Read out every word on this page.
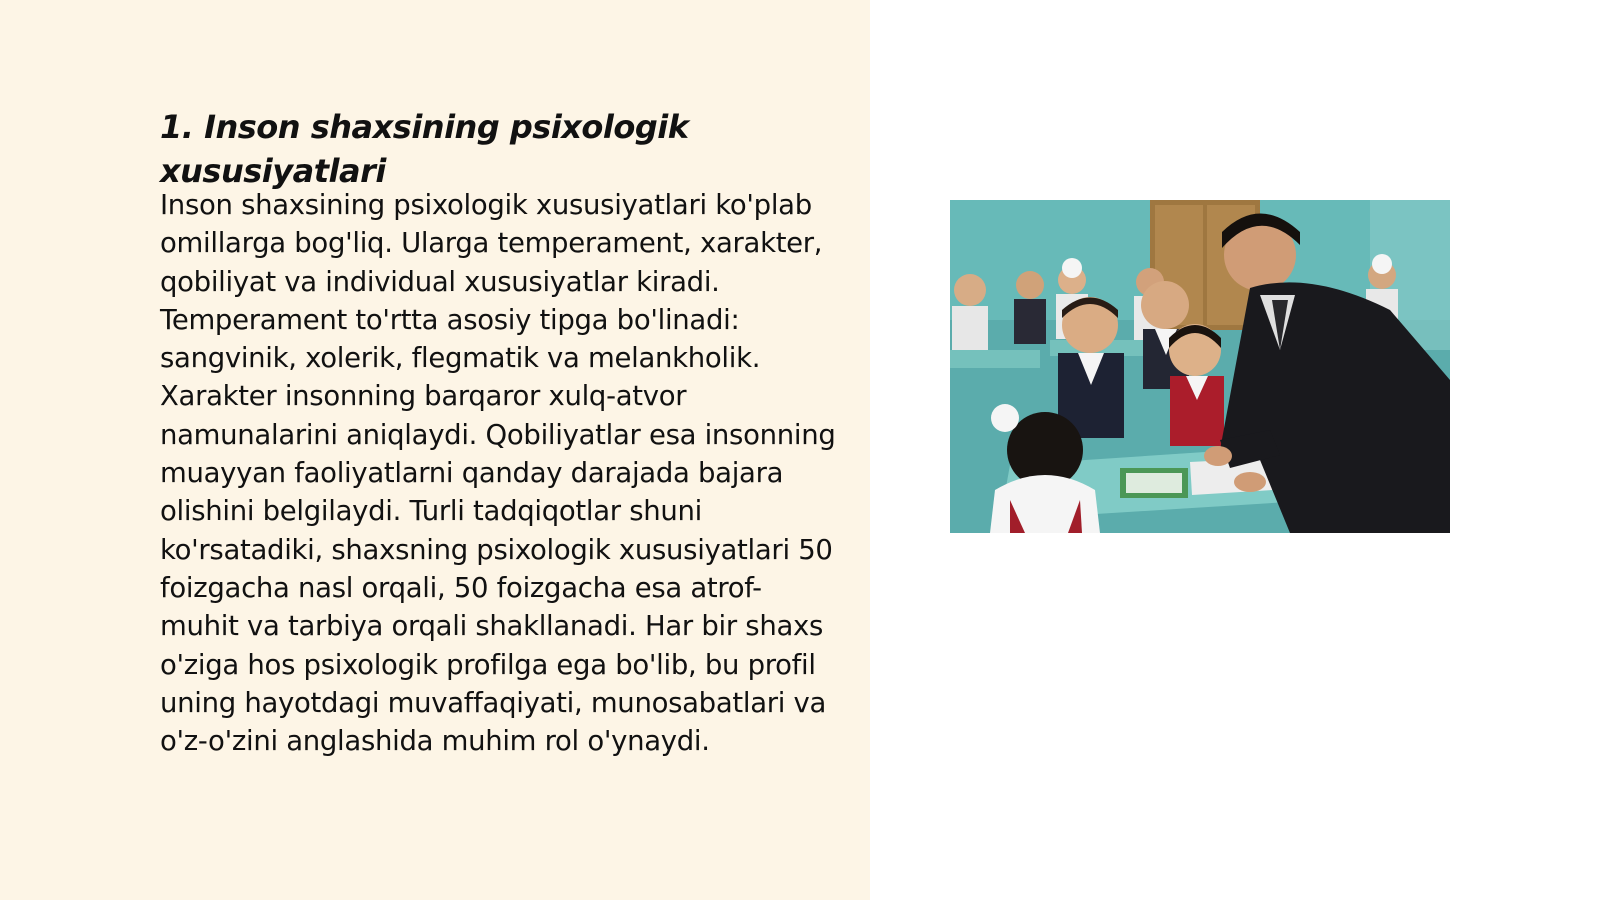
1. Inson shaxsining psixologik xususiyatlari

Inson shaxsining psixologik xususiyatlari ko'plab omillarga bog'liq. Ularga temperament, xarakter, qobiliyat va individual xususiyatlar kiradi. Temperament to'rtta asosiy tipga bo'linadi: sangvinik, xolerik, flegmatik va melankholik. Xarakter insonning barqaror xulq-atvor namunalarini aniqlaydi. Qobiliyatlar esa insonning muayyan faoliyatlarni qanday darajada bajara olishini belgilaydi. Turli tadqiqotlar shuni ko'rsatadiki, shaxsning psixologik xususiyatlari 50 foizgacha nasl orqali, 50 foizgacha esa atrof-muhit va tarbiya orqali shakllanadi. Har bir shaxs o'ziga hos psixologik profilga ega bo'lib, bu profil uning hayotdagi muvaffaqiyati, munosabatlari va o'z-o'zini anglashida muhim rol o'ynaydi.
